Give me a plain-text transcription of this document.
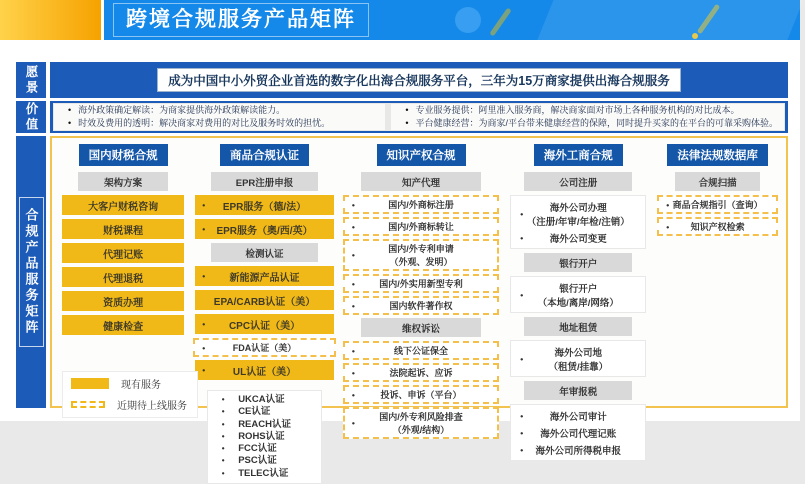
跨境合规服务产品矩阵
愿景
价值
合规产品服务矩阵
成为中国中小外贸企业首选的数字化出海合规服务平台，三年为15万商家提供出海合规服务
• 海外政策确定解读：为商家提供海外政策解读能力。
• 时效及费用的透明：解决商家对费用的对比及服务时效的担忧。
• 专业服务提供：阿里准入服务商，解决商家面对市场上各种服务机构的对比成本。
• 平台健康经营：为商家/平台带来健康经营的保障，同时提升买家的在平台的可靠采购体验。
国内财税合规
架构方案
大客户财税咨询
财税课程
代理记账
代理退税
资质办理
健康检查
商品合规认证
EPR注册申报
• EPR服务（德/法）
• EPR服务（奥/西/英）
检测认证
• 新能源产品认证
EPA/CARB认证（美）
• CPC认证（美）
•	FDA认证（美）
•	UL认证（美）
•	UKCA认证
•	CE认证
•	REACH认证
•	ROHS认证
•	FCC认证
•	PSC认证
•	TELEC认证
知识产权合规
知产代理
•	国内/外商标注册
•	国内/外商标转让
•
国内/外专利申请
（外观、发明）
•	国内/外实用新型专利
•	国内软件著作权
维权诉讼
•	线下公证保全
•	法院起诉、应诉
•	投诉、申诉（平台）
•
国内/外专利风险排查
（外观/结构）
海外工商合规
公司注册
•	海外公司办理
（注册/年审/年检/注销）
•	海外公司变更
银行开户
•	银行开户
（本地/离岸/网络）
地址租赁
•	海外公司地
（租赁/挂靠）
年审报税
•	海外公司审计
• 海外公司代理记账
• 海外公司所得税申报
法律法规数据库
合规扫描
• 商品合规指引（查询）
• 知识产权检索
现有服务
近期待上线服务
